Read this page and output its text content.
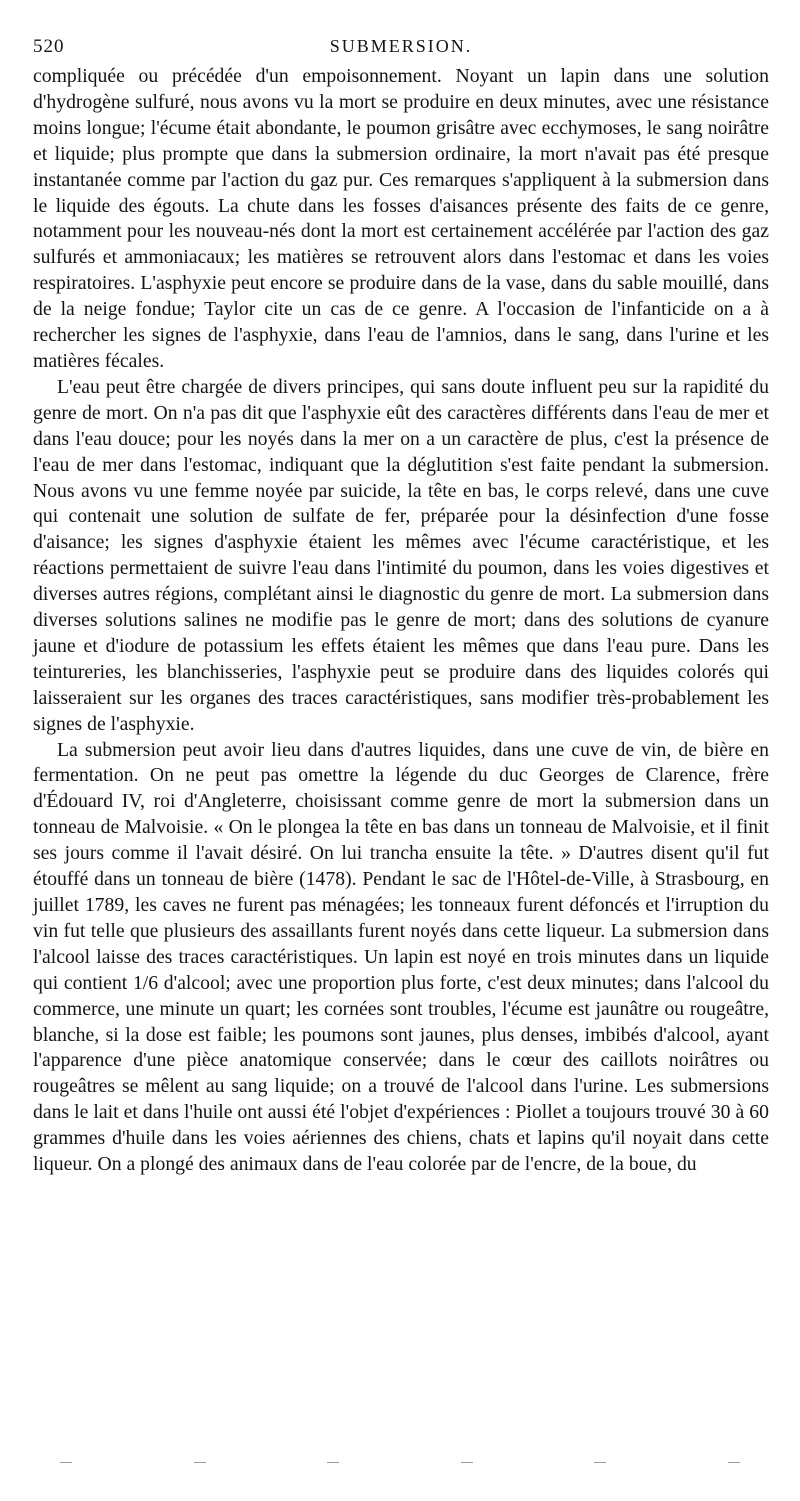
520	SUBMERSION.

compliquée ou précédée d'un empoisonnement. Noyant un lapin dans une solution d'hydrogène sulfuré, nous avons vu la mort se produire en deux minutes, avec une résistance moins longue; l'écume était abondante, le poumon grisâtre avec ecchymoses, le sang noirâtre et liquide; plus prompte que dans la submersion ordinaire, la mort n'avait pas été presque instantanée comme par l'action du gaz pur. Ces remarques s'appliquent à la submersion dans le liquide des égouts. La chute dans les fosses d'aisances présente des faits de ce genre, notamment pour les nouveau-nés dont la mort est certainement accélérée par l'action des gaz sulfurés et ammoniacaux; les matières se retrouvent alors dans l'estomac et dans les voies respiratoires. L'asphyxie peut encore se produire dans de la vase, dans du sable mouillé, dans de la neige fondue; Taylor cite un cas de ce genre. A l'occasion de l'infanticide on a à rechercher les signes de l'asphyxie, dans l'eau de l'amnios, dans le sang, dans l'urine et les matières fécales.

L'eau peut être chargée de divers principes, qui sans doute influent peu sur la rapidité du genre de mort. On n'a pas dit que l'asphyxie eût des caractères différents dans l'eau de mer et dans l'eau douce; pour les noyés dans la mer on a un caractère de plus, c'est la présence de l'eau de mer dans l'estomac, indiquant que la déglutition s'est faite pendant la submersion. Nous avons vu une femme noyée par suicide, la tête en bas, le corps relevé, dans une cuve qui contenait une solution de sulfate de fer, préparée pour la désinfection d'une fosse d'aisance; les signes d'asphyxie étaient les mêmes avec l'écume caractéristique, et les réactions permettaient de suivre l'eau dans l'intimité du poumon, dans les voies digestives et diverses autres régions, complétant ainsi le diagnostic du genre de mort. La submersion dans diverses solutions salines ne modifie pas le genre de mort; dans des solutions de cyanure jaune et d'iodure de potassium les effets étaient les mêmes que dans l'eau pure. Dans les teintureries, les blanchisseries, l'asphyxie peut se produire dans des liquides colorés qui laisseraient sur les organes des traces caractéristiques, sans modifier très-probablement les signes de l'asphyxie.

La submersion peut avoir lieu dans d'autres liquides, dans une cuve de vin, de bière en fermentation. On ne peut pas omettre la légende du duc Georges de Clarence, frère d'Édouard IV, roi d'Angleterre, choisissant comme genre de mort la submersion dans un tonneau de Malvoisie. « On le plongea la tête en bas dans un tonneau de Malvoisie, et il finit ses jours comme il l'avait désiré. On lui trancha ensuite la tête. » D'autres disent qu'il fut étouffé dans un tonneau de bière (1478). Pendant le sac de l'Hôtel-de-Ville, à Strasbourg, en juillet 1789, les caves ne furent pas ménagées; les tonneaux furent défoncés et l'irruption du vin fut telle que plusieurs des assaillants furent noyés dans cette liqueur. La submersion dans l'alcool laisse des traces caractéristiques. Un lapin est noyé en trois minutes dans un liquide qui contient 1/6 d'alcool; avec une proportion plus forte, c'est deux minutes; dans l'alcool du commerce, une minute un quart; les cornées sont troubles, l'écume est jaunâtre ou rougeâtre, blanche, si la dose est faible; les poumons sont jaunes, plus denses, imbibés d'alcool, ayant l'apparence d'une pièce anatomique conservée; dans le cœur des caillots noirâtres ou rougeâtres se mêlent au sang liquide; on a trouvé de l'alcool dans l'urine. Les submersions dans le lait et dans l'huile ont aussi été l'objet d'expériences : Piollet a toujours trouvé 30 à 60 grammes d'huile dans les voies aériennes des chiens, chats et lapins qu'il noyait dans cette liqueur. On a plongé des animaux dans de l'eau colorée par de l'encre, de la boue, du
